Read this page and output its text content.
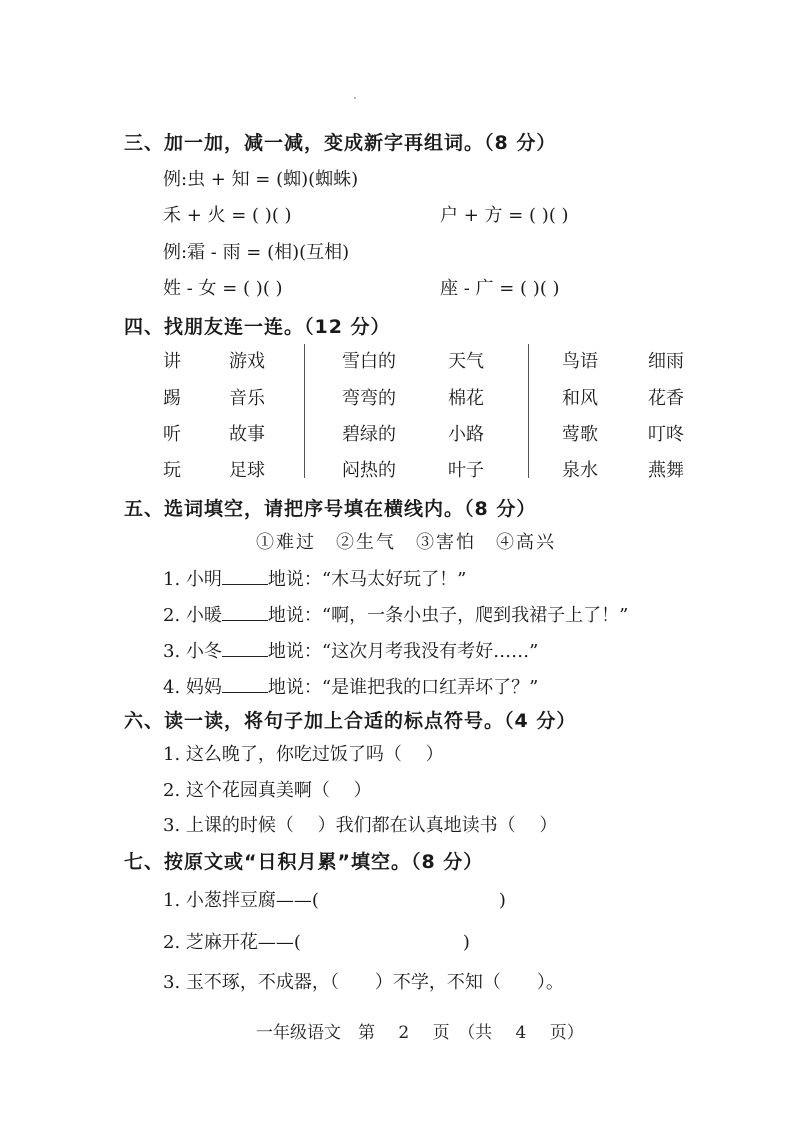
三、加一加，减一减，变成新字再组词。（8 分）
例:虫 + 知 = (蜘)(蜘蛛)
禾 + 火 = ( )( )	户 + 方 = ( )( )
例:霜 - 雨 = (相)(互相)
姓 - 女 = ( )( )	座 - 广 = ( )( )
四、找朋友连一连。（12 分）
讲	游戏	雪白的	天气	鸟语	细雨
踢	音乐	弯弯的	棉花	和风	花香
听	故事	碧绿的	小路	莺歌	叮咚
玩	足球	闷热的	叶子	泉水	燕舞
五、选词填空，请把序号填在横线内。（8 分）
①难过　②生气　③害怕　④高兴
1. 小明	地说：“木马太好玩了！”
2. 小暖	地说：“啊，一条小虫子，爬到我裙子上了！”
3. 小冬	地说：“这次月考我没有考好……”
4. 妈妈	地说：“是谁把我的口红弄坏了？”
六、读一读，将句子加上合适的标点符号。（4 分）
1. 这么晚了，你吃过饭了吗（　 ）
2. 这个花园真美啊（　 ）
3. 上课的时候（　 ）我们都在认真地读书（　 ）
七、按原文或“日积月累”填空。（8 分）
1. 小葱拌豆腐——(　　　　　　　　　　)
2. 芝麻开花——(　　　　　　　　　)
3. 玉不琢，不成器，（　　）不学，不知（　　）。
一年级语文　第 2 页　（共 4 页）
